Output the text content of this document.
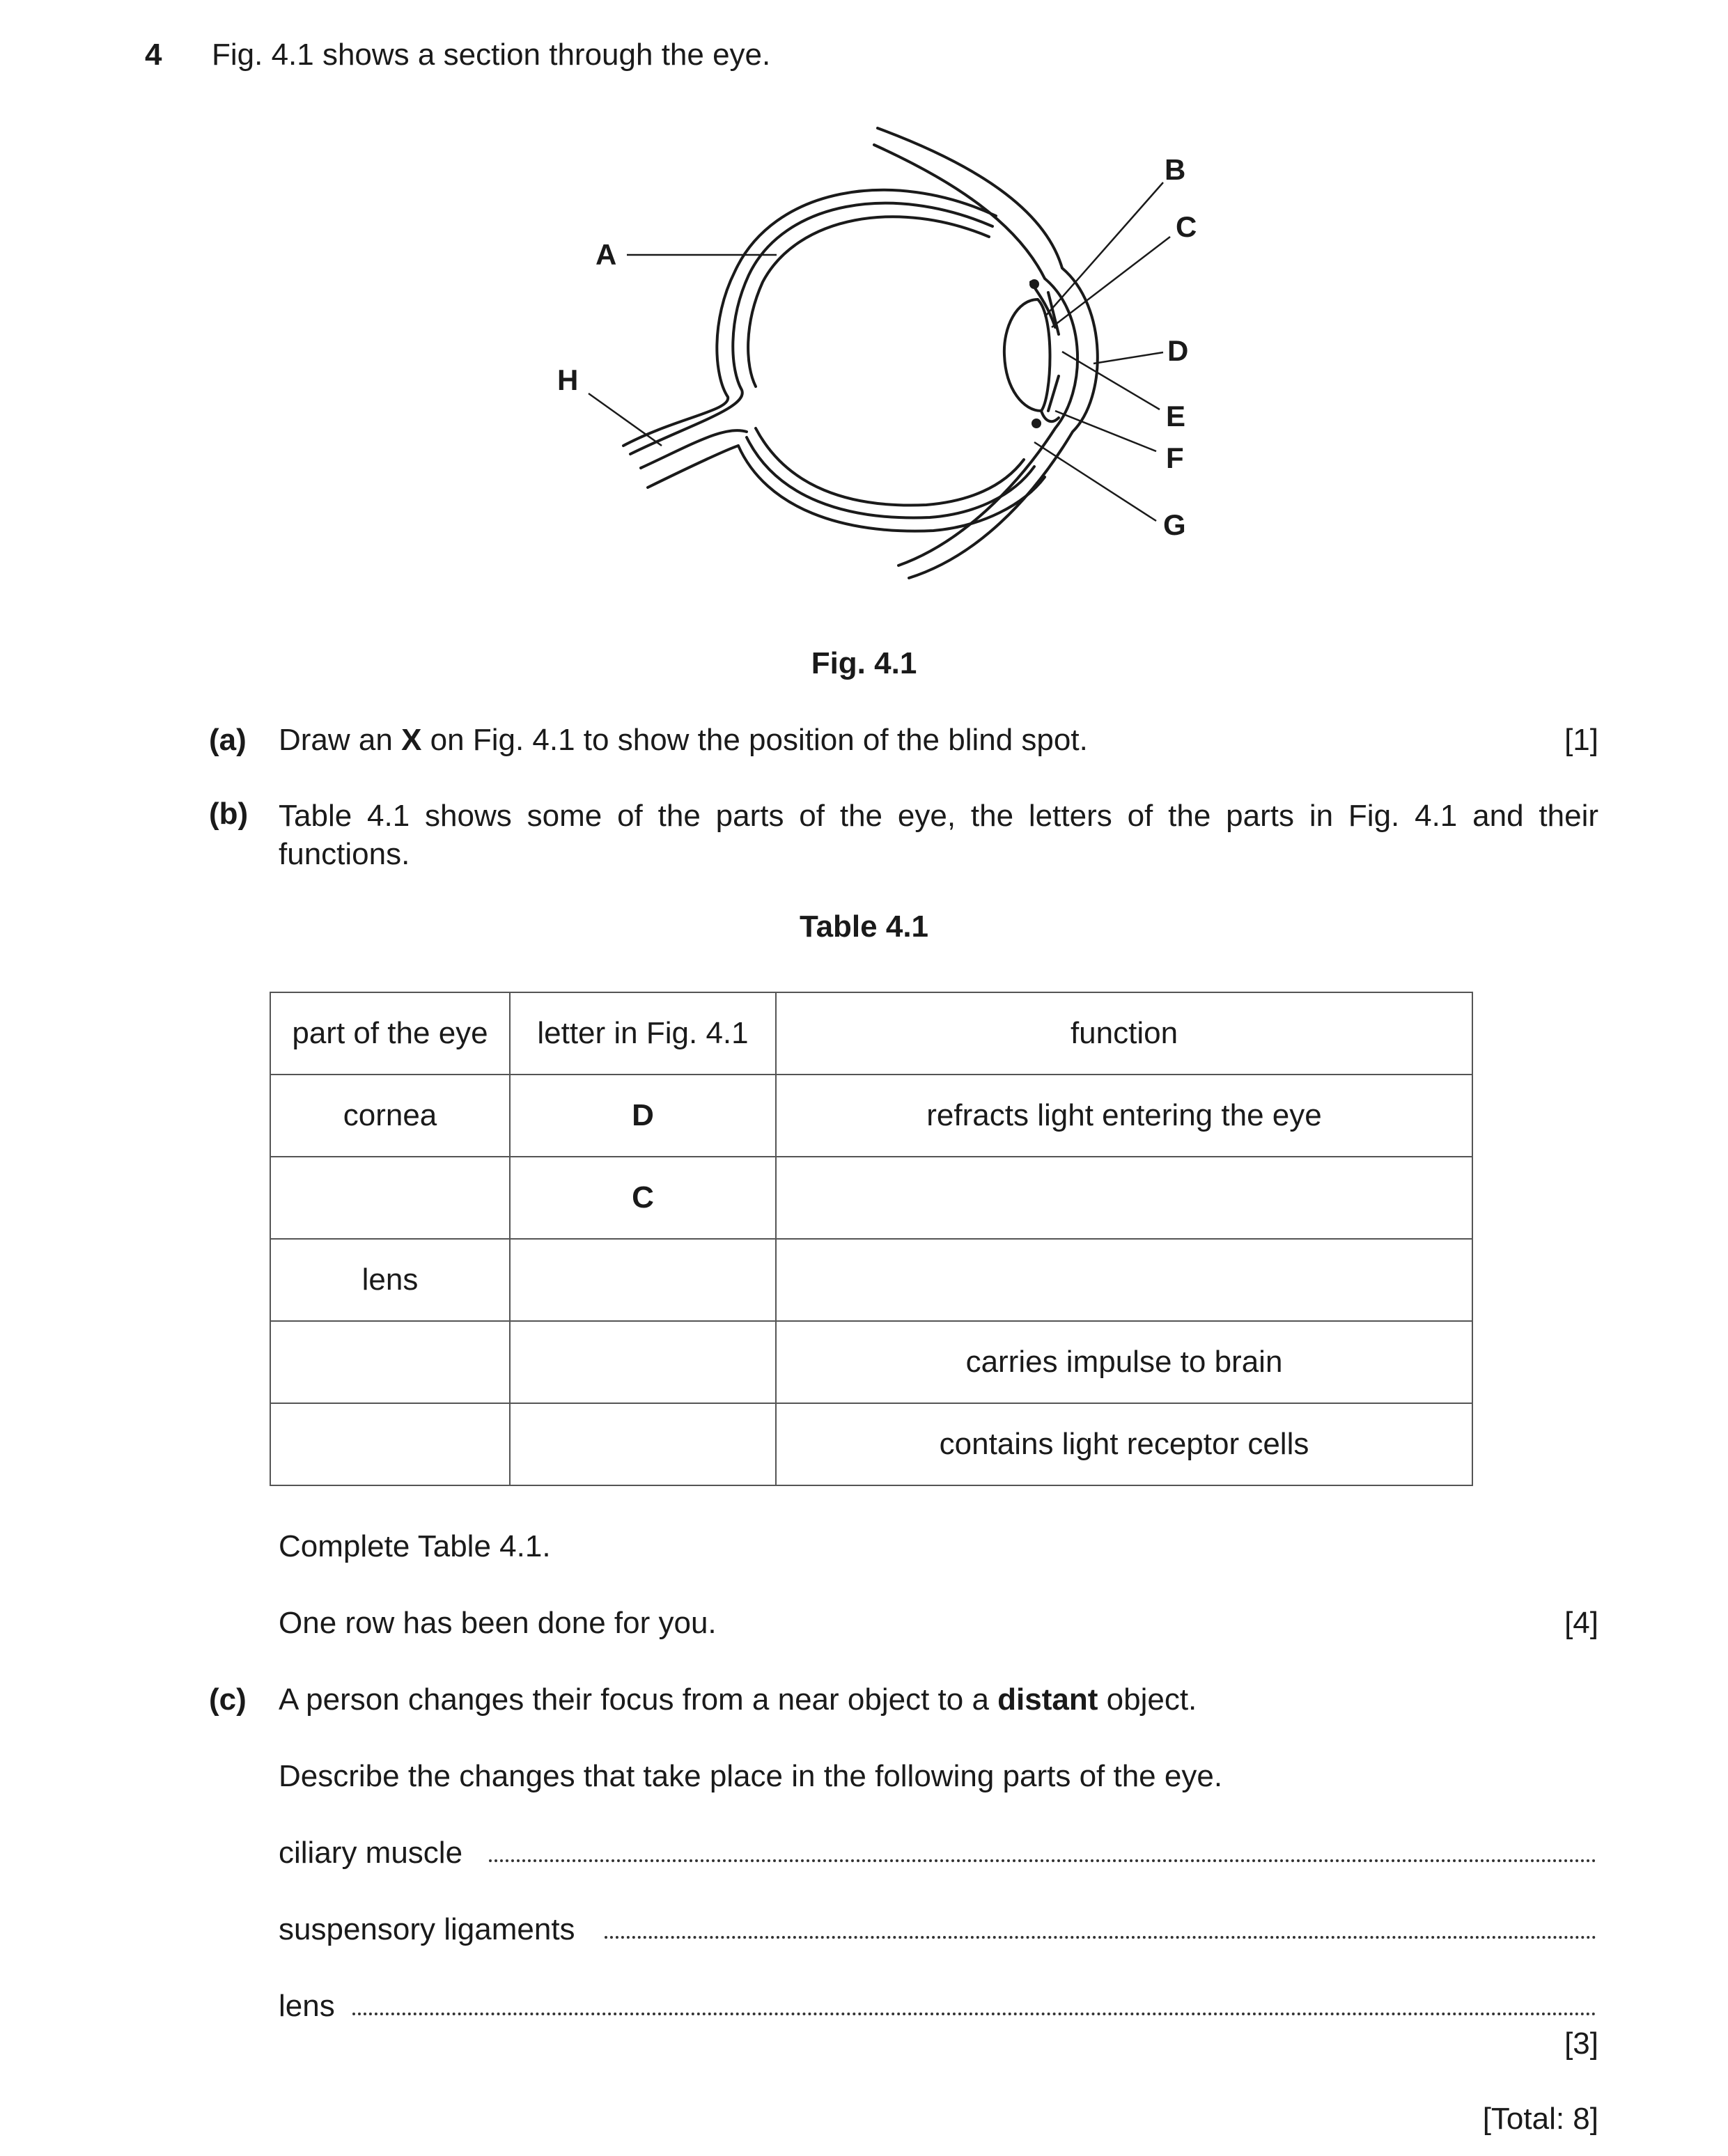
4 Fig. 4.1 shows a section through the eye.
A
B
C
D
E
F
G
H
Fig. 4.1
(a) Draw an X on Fig. 4.1 to show the position of the blind spot.	[1]
(b) Table 4.1 shows some of the parts of the eye, the letters of the parts in Fig. 4.1 and their functions.
Table 4.1
part of the eye	letter in Fig. 4.1	function
cornea	D	refracts light entering the eye
	C	
lens		
		carries impulse to brain
		contains light receptor cells
Complete Table 4.1.
One row has been done for you.	[4]
(c) A person changes their focus from a near object to a distant object.
Describe the changes that take place in the following parts of the eye.
ciliary muscle
suspensory ligaments
lens
[3]
[Total: 8]
